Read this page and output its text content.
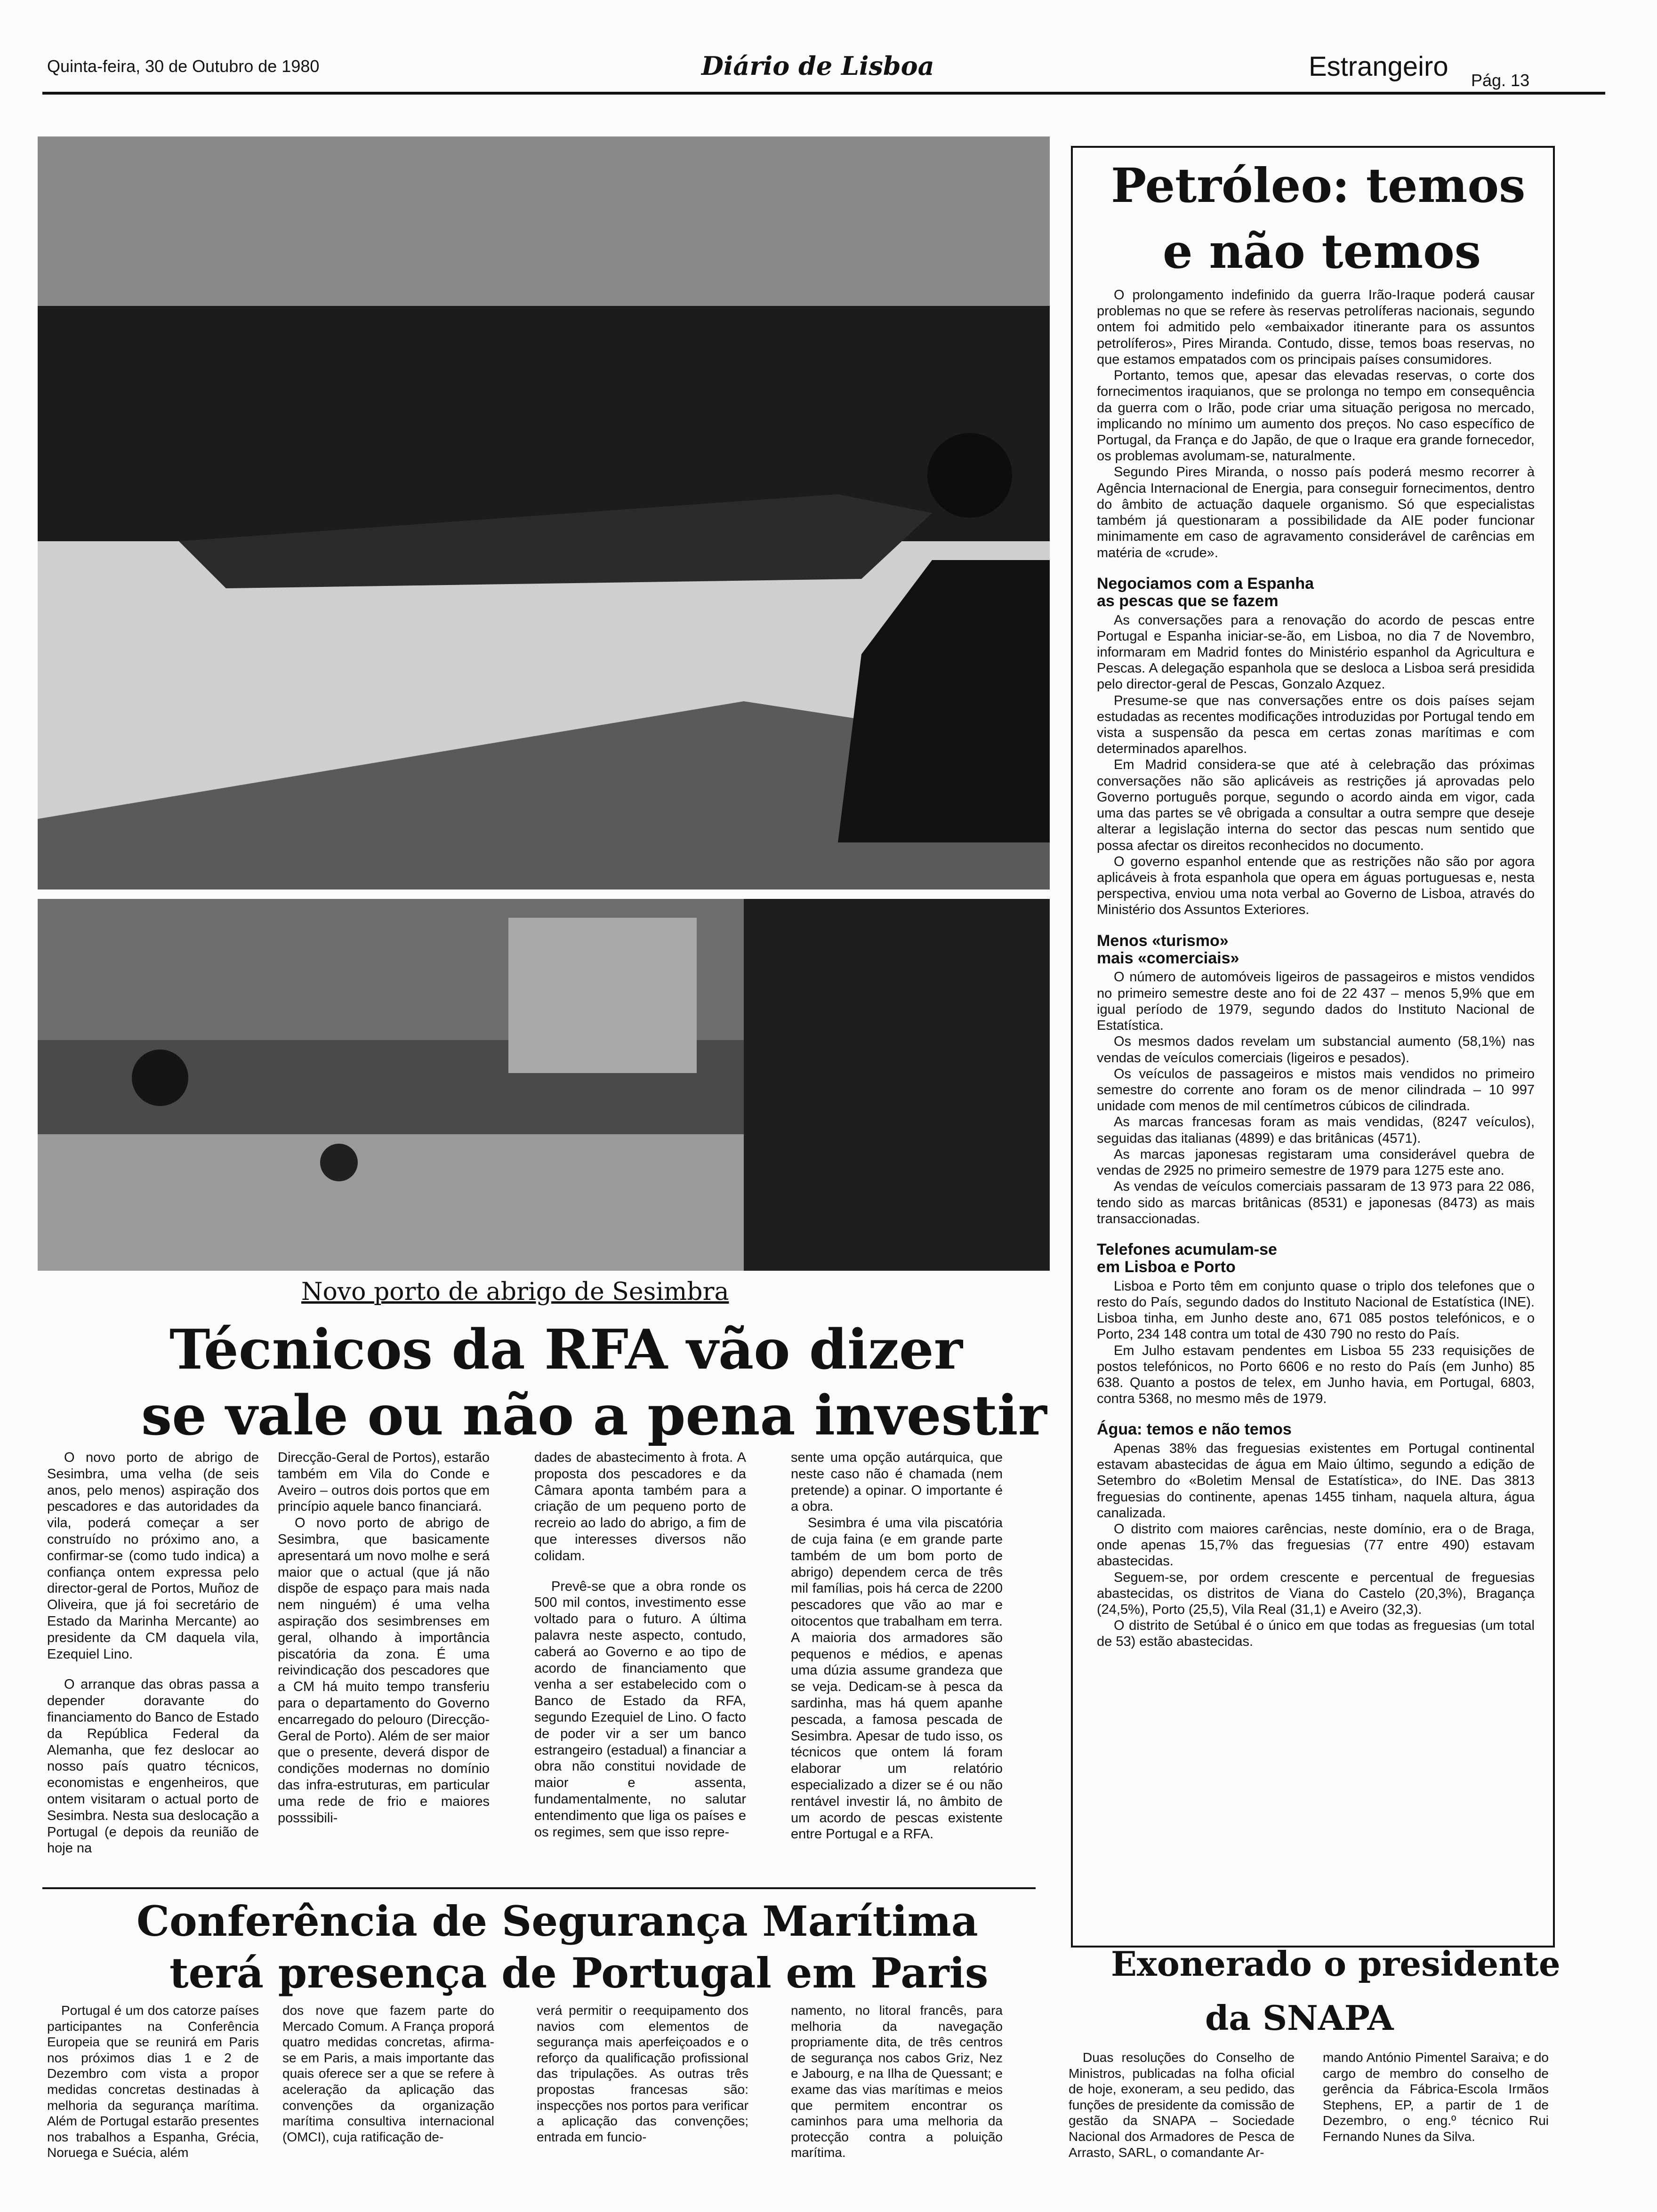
Quinta-feira, 30 de Outubro de 1980	Diário de Lisboa	Estrangeiro Pág. 13
Novo porto de abrigo de Sesimbra
Técnicos da RFA vão dizer
se vale ou não a pena investir

O novo porto de abrigo de Sesimbra, uma velha (de seis anos, pelo menos) aspiração dos pescadores e das autoridades da vila, poderá começar a ser construído no próximo ano, a confirmar-se (como tudo indica) a confiança ontem expressa pelo director-geral de Portos, Muñoz de Oliveira, que já foi secretário de Estado da Marinha Mercante) ao presidente da CM daquela vila, Ezequiel Lino.

O arranque das obras passa a depender doravante do financiamento do Banco de Estado da República Federal da Alemanha, que fez deslocar ao nosso país quatro técnicos, economistas e engenheiros, que ontem visitaram o actual porto de Sesimbra. Nesta sua deslocação a Portugal (e depois da reunião de hoje na

Direcção-Geral de Portos), estarão também em Vila do Conde e Aveiro – outros dois portos que em princípio aquele banco financiará.

O novo porto de abrigo de Sesimbra, que basicamente apresentará um novo molhe e será maior que o actual (que já não dispõe de espaço para mais nada nem ninguém) é uma velha aspiração dos sesimbrenses em geral, olhando à importância piscatória da zona. É uma reivindicação dos pescadores que a CM há muito tempo transferiu para o departamento do Governo encarregado do pelouro (Direcção-Geral de Porto). Além de ser maior que o presente, deverá dispor de condições modernas no domínio das infra-estruturas, em particular uma rede de frio e maiores posssibili-

dades de abastecimento à frota. A proposta dos pescadores e da Câmara aponta também para a criação de um pequeno porto de recreio ao lado do abrigo, a fim de que interesses diversos não colidam.

Prevê-se que a obra ronde os 500 mil contos, investimento esse voltado para o futuro. A última palavra neste aspecto, contudo, caberá ao Governo e ao tipo de acordo de financiamento que venha a ser estabelecido com o Banco de Estado da RFA, segundo Ezequiel de Lino. O facto de poder vir a ser um banco estrangeiro (estadual) a financiar a obra não constitui novidade de maior e assenta, fundamentalmente, no salutar entendimento que liga os países e os regimes, sem que isso repre-

sente uma opção autárquica, que neste caso não é chamada (nem pretende) a opinar. O importante é a obra.

Sesimbra é uma vila piscatória de cuja faina (e em grande parte também de um bom porto de abrigo) dependem cerca de três mil famílias, pois há cerca de 2200 pescadores que vão ao mar e oitocentos que trabalham em terra. A maioria dos armadores são pequenos e médios, e apenas uma dúzia assume grandeza que se veja. Dedicam-se à pesca da sardinha, mas há quem apanhe pescada, a famosa pescada de Sesimbra. Apesar de tudo isso, os técnicos que ontem lá foram elaborar um relatório especializado a dizer se é ou não rentável investir lá, no âmbito de um acordo de pescas existente entre Portugal e a RFA.

Petróleo: temos
e não temos

O prolongamento indefinido da guerra Irão-Iraque poderá causar problemas no que se refere às reservas petrolíferas nacionais, segundo ontem foi admitido pelo «embaixador itinerante para os assuntos petrolíferos», Pires Miranda. Contudo, disse, temos boas reservas, no que estamos empatados com os principais países consumidores.

Portanto, temos que, apesar das elevadas reservas, o corte dos fornecimentos iraquianos, que se prolonga no tempo em consequência da guerra com o Irão, pode criar uma situação perigosa no mercado, implicando no mínimo um aumento dos preços. No caso específico de Portugal, da França e do Japão, de que o Iraque era grande fornecedor, os problemas avolumam-se, naturalmente.

Segundo Pires Miranda, o nosso país poderá mesmo recorrer à Agência Internacional de Energia, para conseguir fornecimentos, dentro do âmbito de actuação daquele organismo. Só que especialistas também já questionaram a possibilidade da AIE poder funcionar minimamente em caso de agravamento considerável de carências em matéria de «crude».

Negociamos com a Espanha
as pescas que se fazem

As conversações para a renovação do acordo de pescas entre Portugal e Espanha iniciar-se-ão, em Lisboa, no dia 7 de Novembro, informaram em Madrid fontes do Ministério espanhol da Agricultura e Pescas. A delegação espanhola que se desloca a Lisboa será presidida pelo director-geral de Pescas, Gonzalo Azquez.

Presume-se que nas conversações entre os dois países sejam estudadas as recentes modificações introduzidas por Portugal tendo em vista a suspensão da pesca em certas zonas marítimas e com determinados aparelhos.

Em Madrid considera-se que até à celebração das próximas conversações não são aplicáveis as restrições já aprovadas pelo Governo português porque, segundo o acordo ainda em vigor, cada uma das partes se vê obrigada a consultar a outra sempre que deseje alterar a legislação interna do sector das pescas num sentido que possa afectar os direitos reconhecidos no documento.

O governo espanhol entende que as restrições não são por agora aplicáveis à frota espanhola que opera em águas portuguesas e, nesta perspectiva, enviou uma nota verbal ao Governo de Lisboa, através do Ministério dos Assuntos Exteriores.

Menos «turismo»
mais «comerciais»

O número de automóveis ligeiros de passageiros e mistos vendidos no primeiro semestre deste ano foi de 22 437 – menos 5,9% que em igual período de 1979, segundo dados do Instituto Nacional de Estatística.

Os mesmos dados revelam um substancial aumento (58,1%) nas vendas de veículos comerciais (ligeiros e pesados).

Os veículos de passageiros e mistos mais vendidos no primeiro semestre do corrente ano foram os de menor cilindrada – 10 997 unidade com menos de mil centímetros cúbicos de cilindrada.

As marcas francesas foram as mais vendidas, (8247 veículos), seguidas das italianas (4899) e das britânicas (4571).

As marcas japonesas registaram uma considerável quebra de vendas de 2925 no primeiro semestre de 1979 para 1275 este ano.

As vendas de veículos comerciais passaram de 13 973 para 22 086, tendo sido as marcas britânicas (8531) e japonesas (8473) as mais transaccionadas.

Telefones acumulam-se
em Lisboa e Porto

Lisboa e Porto têm em conjunto quase o triplo dos telefones que o resto do País, segundo dados do Instituto Nacional de Estatística (INE). Lisboa tinha, em Junho deste ano, 671 085 postos telefónicos, e o Porto, 234 148 contra um total de 430 790 no resto do País.

Em Julho estavam pendentes em Lisboa 55 233 requisições de postos telefónicos, no Porto 6606 e no resto do País (em Junho) 85 638. Quanto a postos de telex, em Junho havia, em Portugal, 6803, contra 5368, no mesmo mês de 1979.

Água: temos e não temos

Apenas 38% das freguesias existentes em Portugal continental estavam abastecidas de água em Maio último, segundo a edição de Setembro do «Boletim Mensal de Estatística», do INE. Das 3813 freguesias do continente, apenas 1455 tinham, naquela altura, água canalizada.

O distrito com maiores carências, neste domínio, era o de Braga, onde apenas 15,7% das freguesias (77 entre 490) estavam abastecidas.

Seguem-se, por ordem crescente e percentual de freguesias abastecidas, os distritos de Viana do Castelo (20,3%), Bragança (24,5%), Porto (25,5), Vila Real (31,1) e Aveiro (32,3).

O distrito de Setúbal é o único em que todas as freguesias (um total de 53) estão abastecidas.

Conferência de Segurança Marítima
terá presença de Portugal em Paris
Portugal é um dos catorze países participantes na Conferência Europeia que se reunirá em Paris nos próximos dias 1 e 2 de Dezembro com vista a propor medidas concretas destinadas à melhoria da segurança marítima. Além de Portugal estarão presentes nos trabalhos a Espanha, Grécia, Noruega e Suécia, além
dos nove que fazem parte do Mercado Comum. A França proporá quatro medidas concretas, afirma-se em Paris, a mais importante das quais oferece ser a que se refere à aceleração da aplicação das convenções da organização marítima consultiva internacional (OMCI), cuja ratificação de-
verá permitir o reequipamento dos navios com elementos de segurança mais aperfeiçoados e o reforço da qualificação profissional das tripulações. As outras três propostas francesas são: inspecções nos portos para verificar a aplicação das convenções; entrada em funcio-
namento, no litoral francês, para melhoria da navegação propriamente dita, de três centros de segurança nos cabos Griz, Nez e Jabourg, e na Ilha de Quessant; e exame das vias marítimas e meios que permitem encontrar os caminhos para uma melhoria da protecção contra a poluição marítima.
Exonerado o presidente
da SNAPA
Duas resoluções do Conselho de Ministros, publicadas na folha oficial de hoje, exoneram, a seu pedido, das funções de presidente da comissão de gestão da SNAPA – Sociedade Nacional dos Armadores de Pesca de Arrasto, SARL, o comandante Ar-
mando António Pimentel Saraiva; e do cargo de membro do conselho de gerência da Fábrica-Escola Irmãos Stephens, EP, a partir de 1 de Dezembro, o eng.º técnico Rui Fernando Nunes da Silva.
